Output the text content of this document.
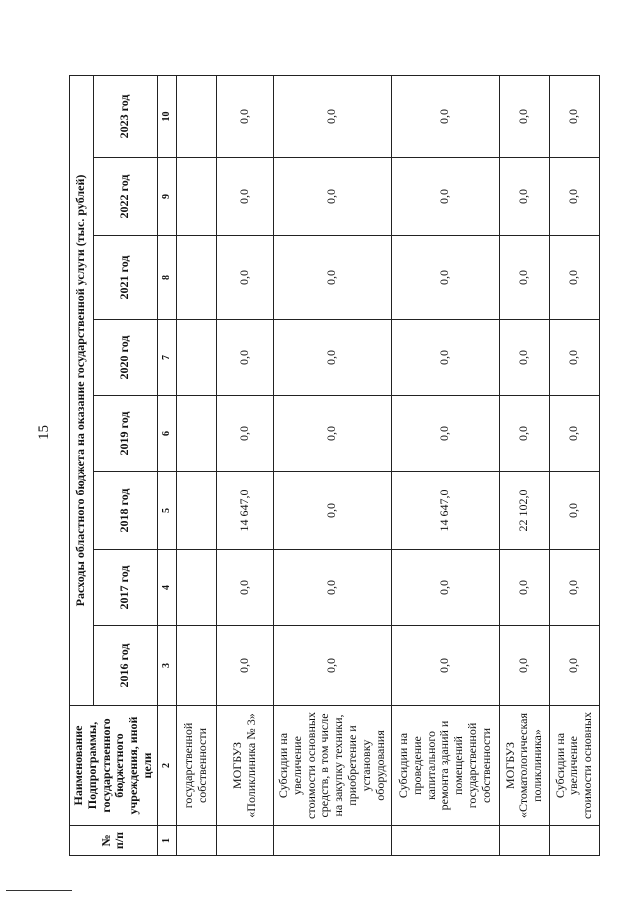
15
№ п/п	Наименование Подпрограммы, государственного бюджетного учреждения, иной цели	Расходы областного бюджета на оказание государственной услуги (тыс. рублей)							
		2016 год	2017 год	2018 год	2019 год	2020 год	2021 год	2022 год	2023 год
1	2	3	4	5	6	7	8	9	10
	государственной собственности								
	МОГБУЗ «Поликлиника № 3»	0,0	0,0	14 647,0	0,0	0,0	0,0	0,0	0,0
	Субсидии на увеличение стоимости основных средств, в том числе на закупку техники, приобретение и установку оборудования	0,0	0,0	0,0	0,0	0,0	0,0	0,0	0,0
	Субсидии на проведение капитального ремонта зданий и помещений государственной собственности	0,0	0,0	14 647,0	0,0	0,0	0,0	0,0	0,0
	МОГБУЗ «Стоматологическая поликлиника»	0,0	0,0	22 102,0	0,0	0,0	0,0	0,0	0,0
	Субсидии на увеличение стоимости основных	0,0	0,0	0,0	0,0	0,0	0,0	0,0	0,0
